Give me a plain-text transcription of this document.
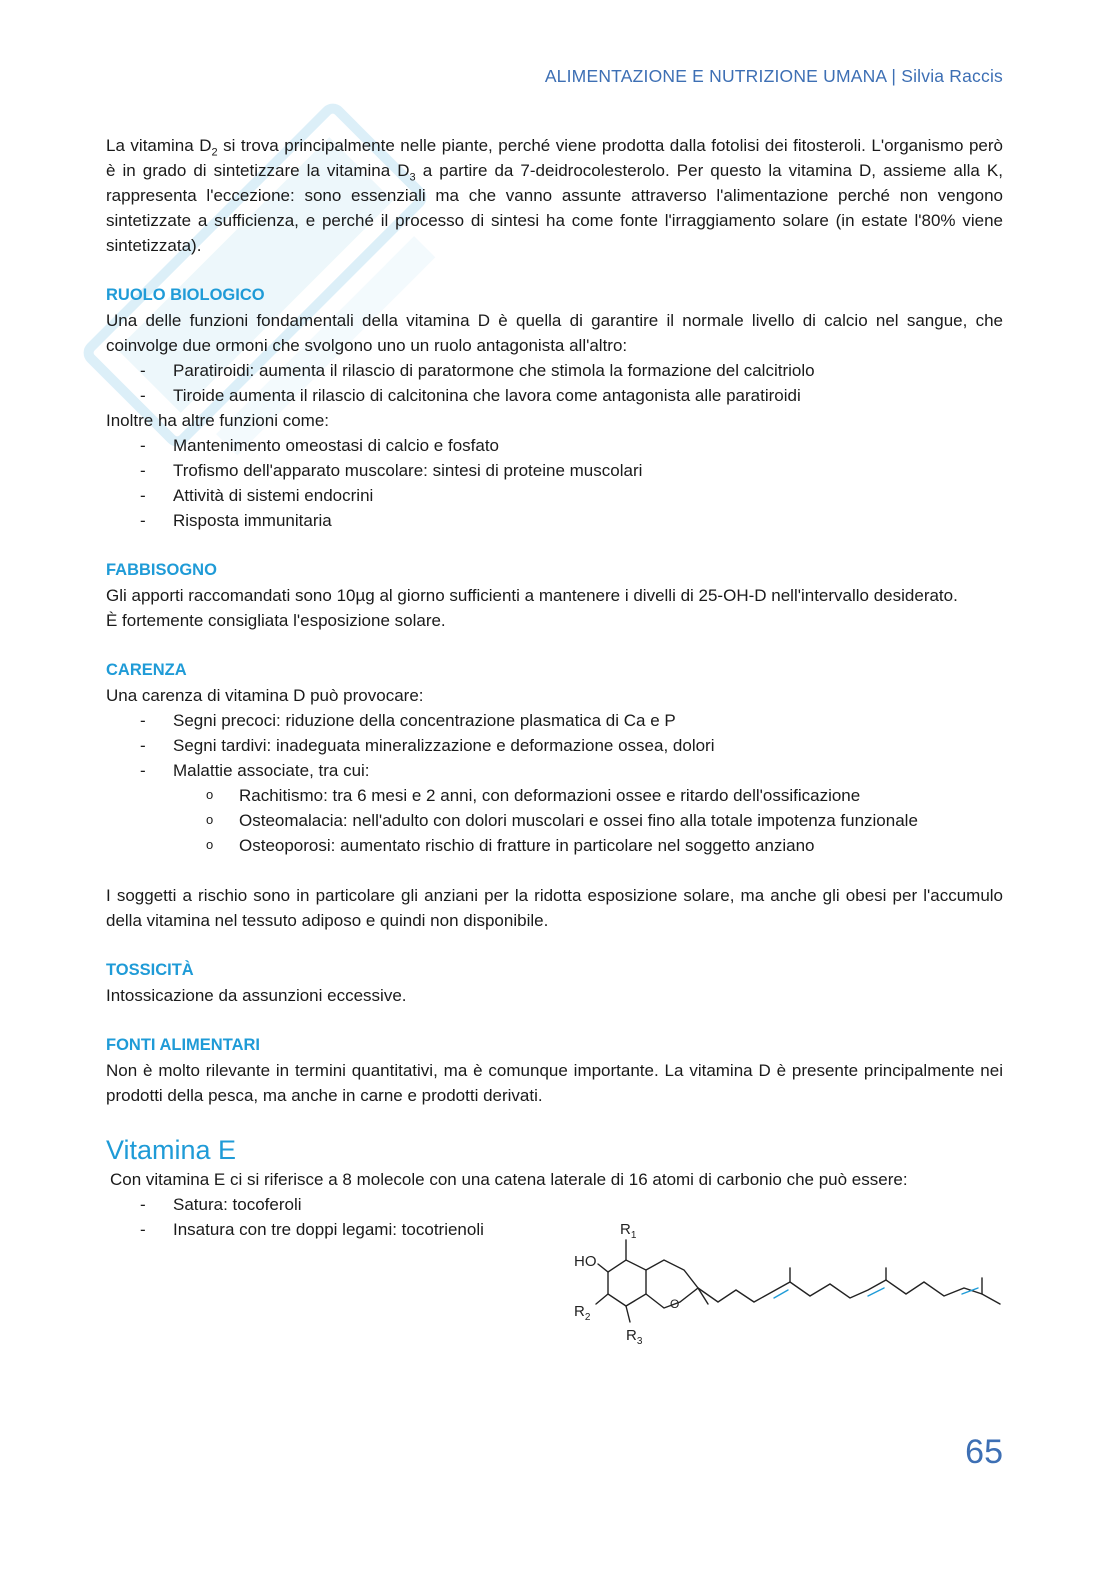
ALIMENTAZIONE E NUTRIZIONE UMANA | Silvia Raccis

La vitamina $D_2$ si trova principalmente nelle piante, perché viene prodotta dalla fotolisi dei fitosteroli. L'organismo però è in grado di sintetizzare la vitamina $D_3$ a partire da 7-deidrocolesterolo. Per questo la vitamina D, assieme alla K, rappresenta l'eccezione: sono essenziali ma che vanno assunte attraverso l'alimentazione perché non vengono sintetizzate a sufficienza, e perché il processo di sintesi ha come fonte l'irraggiamento solare (in estate l'80% viene sintetizzata).

RUOLO BIOLOGICO

Una delle funzioni fondamentali della vitamina D è quella di garantire il normale livello di calcio nel sangue, che coinvolge due ormoni che svolgono uno un ruolo antagonista all'altro:

- Paratiroidi: aumenta il rilascio di paratormone che stimola la formazione del calcitriolo
- Tiroide aumenta il rilascio di calcitonina che lavora come antagonista alle paratiroidi

Inoltre ha altre funzioni come:

- Mantenimento omeostasi di calcio e fosfato
- Trofismo dell'apparato muscolare: sintesi di proteine muscolari
- Attività di sistemi endocrini
- Risposta immunitaria
FABBISOGNO

Gli apporti raccomandati sono 10µg al giorno sufficienti a mantenere i divelli di 25-OH-D nell'intervallo desiderato.

È fortemente consigliata l'esposizione solare.

CARENZA

Una carenza di vitamina D può provocare:

- Segni precoci: riduzione della concentrazione plasmatica di Ca e P
- Segni tardivi: inadeguata mineralizzazione e deformazione ossea, dolori
- Malattie associate, tra cui:
o Rachitismo: tra 6 mesi e 2 anni, con deformazioni ossee e ritardo dell'ossificazione
o Osteomalacia: nell'adulto con dolori muscolari e ossei fino alla totale impotenza funzionale
o Osteoporosi: aumentato rischio di fratture in particolare nel soggetto anziano

I soggetti a rischio sono in particolare gli anziani per la ridotta esposizione solare, ma anche gli obesi per l'accumulo della vitamina nel tessuto adiposo e quindi non disponibile.

TOSSICITÀ

Intossicazione da assunzioni eccessive.

FONTI ALIMENTARI

Non è molto rilevante in termini quantitativi, ma è comunque importante. La vitamina D è presente principalmente nei prodotti della pesca, ma anche in carne e prodotti derivati.

Vitamina E

Con vitamina E ci si riferisce a 8 molecole con una catena laterale di 16 atomi di carbonio che può essere:

- Satura: tocoferoli
- Insatura con tre doppi legami: tocotrienoli
HO
$R_1$
$R_2$
$R_3$
O
65
